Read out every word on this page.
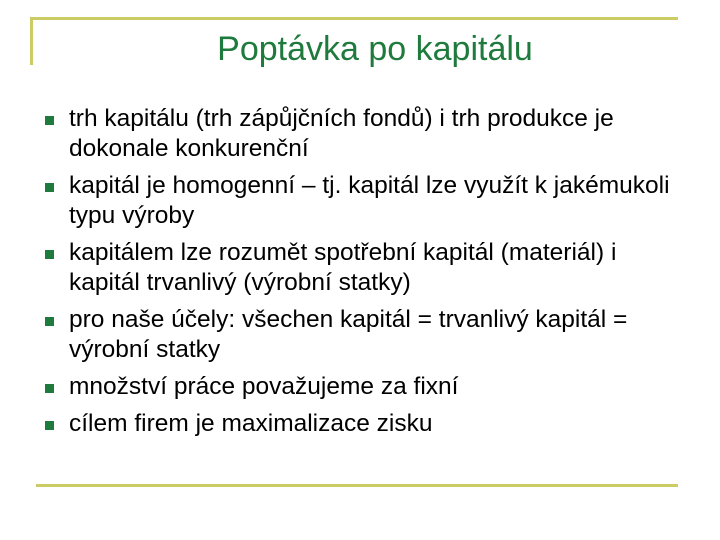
Poptávka po kapitálu
trh kapitálu (trh zápůjčních fondů) i trh produkce je dokonale konkurenční
kapitál je homogenní – tj. kapitál lze využít k jakémukoli typu výroby
kapitálem lze rozumět spotřební kapitál (materiál) i kapitál trvanlivý (výrobní statky)
pro naše účely: všechen kapitál = trvanlivý kapitál = výrobní statky
množství práce považujeme za fixní
cílem firem je maximalizace zisku
